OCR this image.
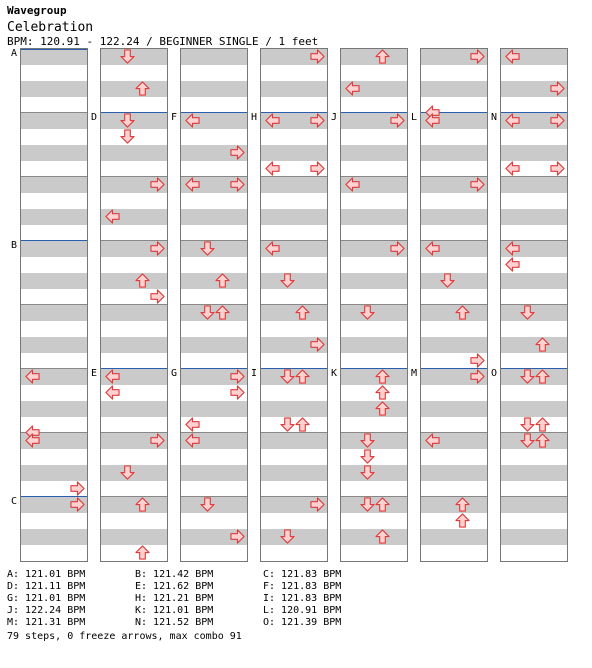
Wavegroup
Celebration
BPM: 120.91 - 122.24 / BEGINNER SINGLE / 1 feet
A
B
C
D
E
F
G
H
I
J
K
L
M
N
O
A: 121.01 BPM	B: 121.42 BPM	C: 121.83 BPM
D: 121.11 BPM	E: 121.62 BPM	F: 121.83 BPM
G: 121.01 BPM	H: 121.21 BPM	I: 121.83 BPM
J: 122.24 BPM	K: 121.01 BPM	L: 120.91 BPM
M: 121.31 BPM	N: 121.52 BPM	O: 121.39 BPM
79 steps, 0 freeze arrows, max combo 91
